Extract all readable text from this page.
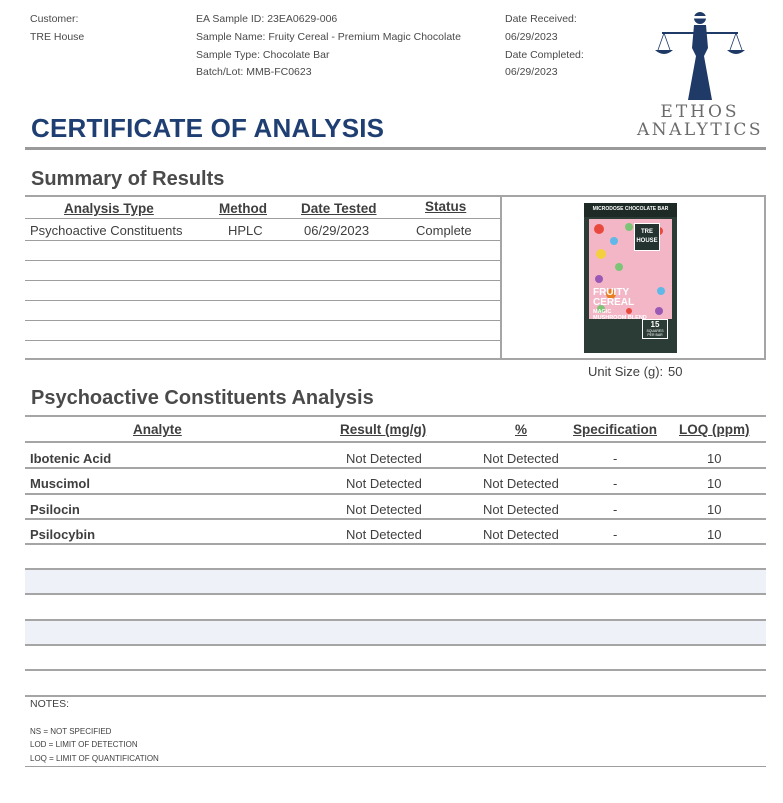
Customer:
TRE House
EA Sample ID: 23EA0629-006
Sample Name: Fruity Cereal - Premium Magic Chocolate
Sample Type: Chocolate Bar
Batch/Lot: MMB-FC0623
Date Received:
06/29/2023
Date Completed:
06/29/2023
ETHOS
ANALYTICS
CERTIFICATE OF ANALYSIS
Summary of Results
Analysis Type	Method	Date Tested	Status
Psychoactive Constituents	HPLC	06/29/2023	Complete
MICRODOSE CHOCOLATE BAR
TRE HOUSE
FRUITY
CEREAL
MAGIC
MUSHROOM BLEND
15
SQUARES PER BAR
Unit Size (g): 50
Psychoactive Constituents Analysis
Analyte	Result (mg/g)	%	Specification LOQ (ppm)
Ibotenic Acid	Not Detected	Not Detected	-	10
Muscimol	Not Detected	Not Detected	-	10
Psilocin	Not Detected	Not Detected	-	10
Psilocybin	Not Detected	Not Detected	-	10
NOTES:
NS = NOT SPECIFIED
LOD = LIMIT OF DETECTION
LOQ = LIMIT OF QUANTIFICATION
